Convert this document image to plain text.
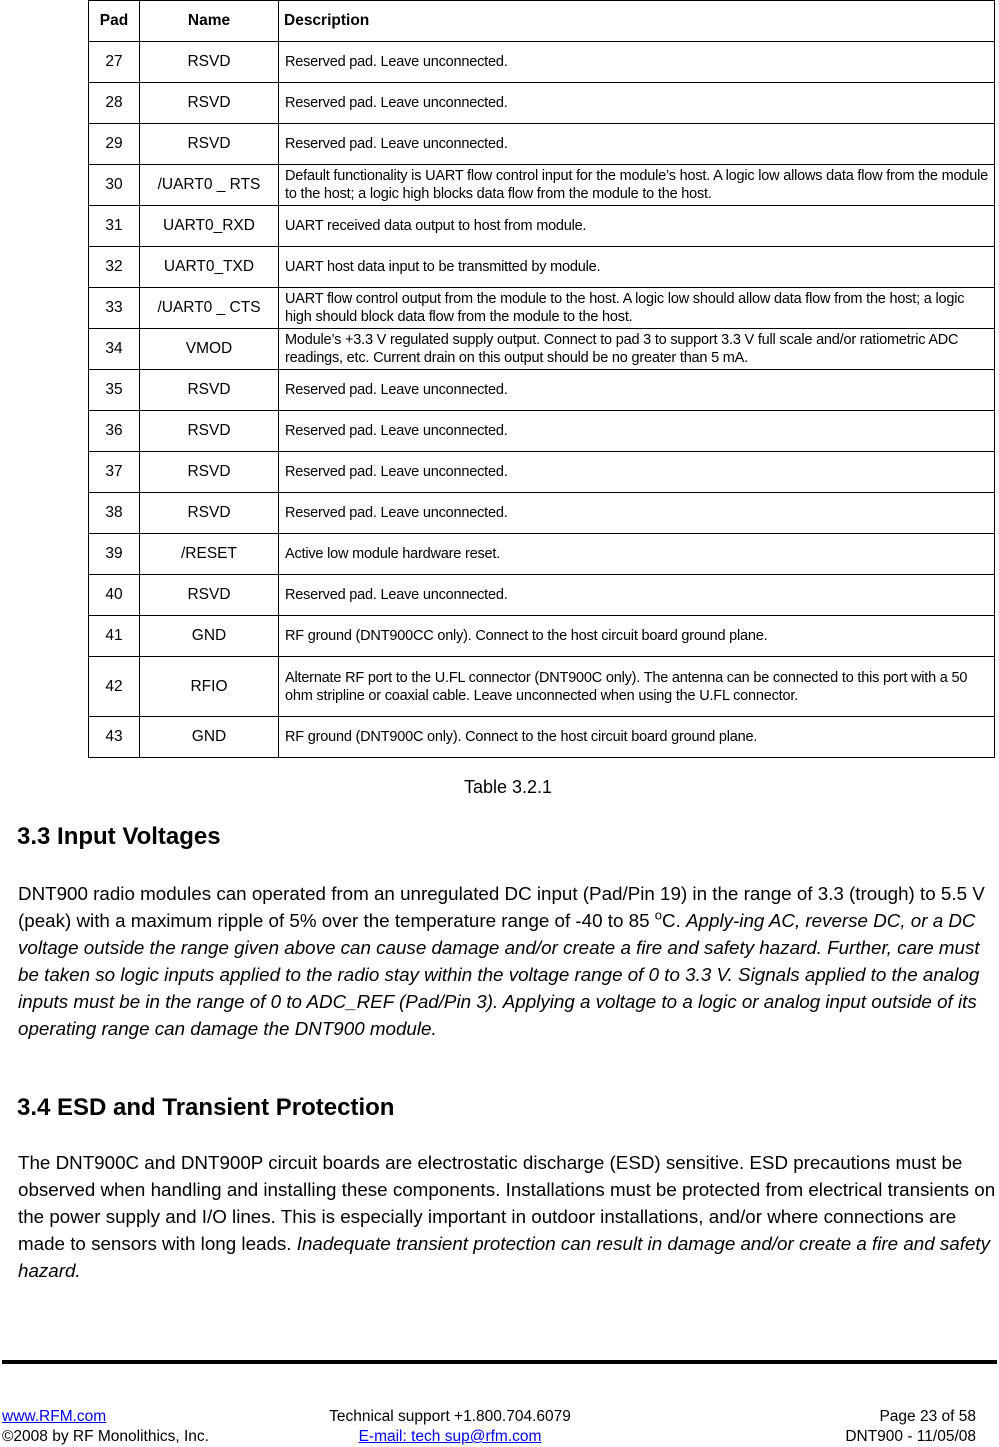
Pad	Name	Description
27	RSVD	Reserved pad. Leave unconnected.
28	RSVD	Reserved pad. Leave unconnected.
29	RSVD	Reserved pad. Leave unconnected.
30	/UART0 _ RTS	Default functionality is UART flow control input for the module’s host. A logic low allows data flow from the module to the host; a logic high blocks data flow from the module to the host.
31	UART0_RXD	UART received data output to host from module.
32	UART0_TXD	UART host data input to be transmitted by module.
33	/UART0 _ CTS	UART flow control output from the module to the host. A logic low should allow data flow from the host; a logic high should block data flow from the module to the host.
34	VMOD	Module’s +3.3 V regulated supply output. Connect to pad 3 to support 3.3 V full scale and/or ratiometric ADC readings, etc. Current drain on this output should be no greater than 5 mA.

35	RSVD	Reserved pad. Leave unconnected.
36	RSVD	Reserved pad. Leave unconnected.
37	RSVD	Reserved pad. Leave unconnected.
38	RSVD	Reserved pad. Leave unconnected.
39	/RESET	Active low module hardware reset.
40	RSVD	Reserved pad. Leave unconnected.
41	GND	RF ground (DNT900CC only). Connect to the host circuit board ground plane.
42	RFIO	Alternate RF port to the U.FL connector (DNT900C only). The antenna can be connected to this port with a 50 ohm stripline or coaxial cable. Leave unconnected when using the U.FL connector.
43	GND	RF ground (DNT900C only). Connect to the host circuit board ground plane.
Table 3.2.1
3.3 Input Voltages

DNT900 radio modules can operated from an unregulated DC input (Pad/Pin 19) in the range of 3.3 (trough) to 5.5 V (peak) with a maximum ripple of 5% over the temperature range of -40 to 85 $^o$C. Apply-ing AC, reverse DC, or a DC voltage outside the range given above can cause damage and/or create a fire and safety hazard. Further, care must be taken so logic inputs applied to the radio stay within the voltage range of 0 to 3.3 V. Signals applied to the analog inputs must be in the range of 0 to ADC_REF (Pad/Pin 3). Applying a voltage to a logic or analog input outside of its operating range can damage the DNT900 module.

3.4 ESD and Transient Protection

The DNT900C and DNT900P circuit boards are electrostatic discharge (ESD) sensitive. ESD precautions must be observed when handling and installing these components. Installations must be protected from electrical transients on the power supply and I/O lines. This is especially important in outdoor installations, and/or where connections are made to sensors with long leads. Inadequate transient protection can result in damage and/or create a fire and safety hazard.

www.RFM.com
©2008 by RF Monolithics, Inc.
Technical support +1.800.704.6079
E-mail: tech sup@rfm.com
Page 23 of 58
DNT900 - 11/05/08
